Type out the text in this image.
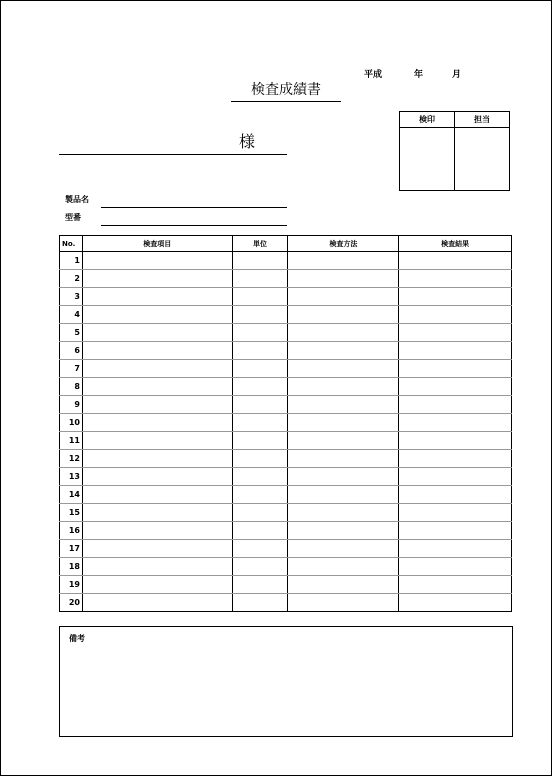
平成	年	月
検査成績書
様
検印	担当

製品名
型番
No.	検査項目	単位	検査方法	検査結果
1				
2				
3				
4				
5				
6				
7				
8				
9				
10				
11				
12				
13				
14				
15				
16				
17				
18				
19				
20				
備考
